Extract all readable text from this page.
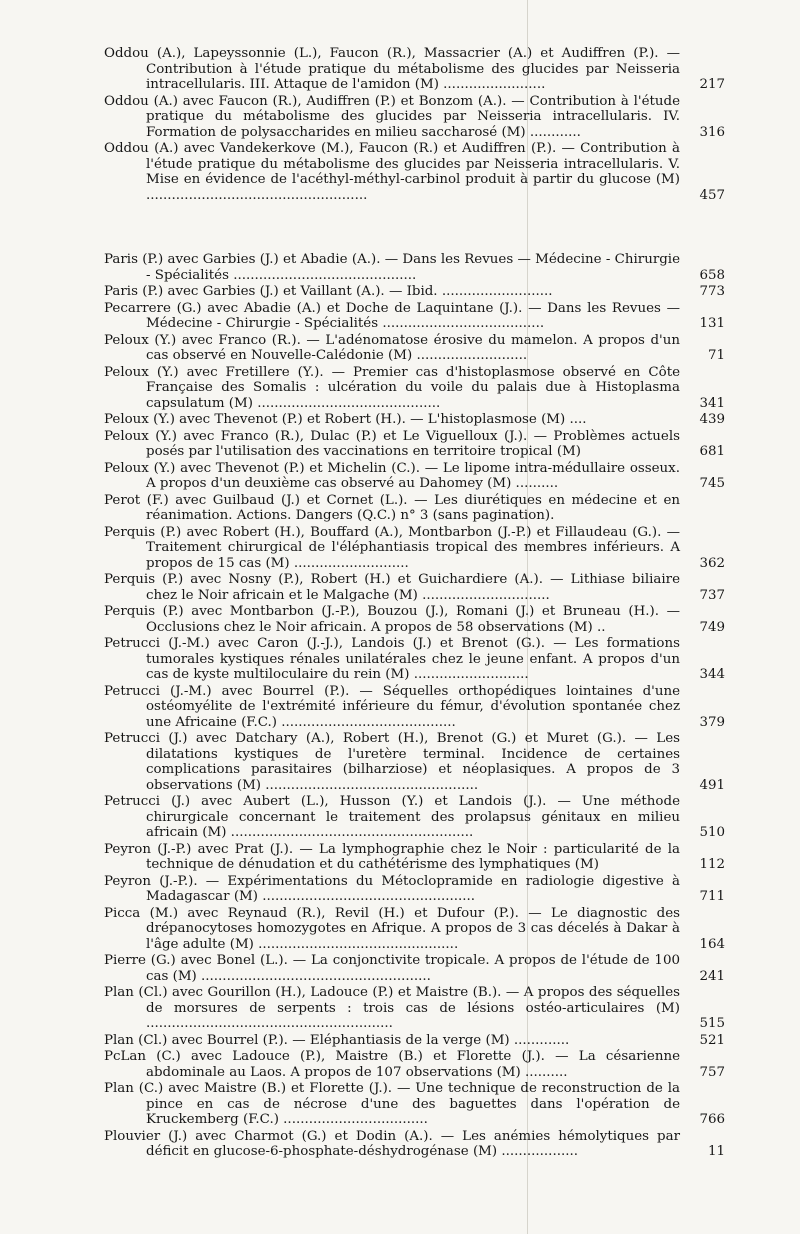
Oddou (A.), Lapeyssonnie (L.), Faucon (R.), Massacrier (A.) et Audiffren (P.). — Contribution à l'étude pratique du métabolisme des glucides par Neisseria intracellularis. III. Attaque de l'amidon (M) ........................	217
Oddou (A.) avec Faucon (R.), Audiffren (P.) et Bonzom (A.). — Contribution à l'étude pratique du métabolisme des glucides par Neisseria intracellularis. IV. Formation de polysaccharides en milieu saccharosé (M) ............	316
Oddou (A.) avec Vandekerkove (M.), Faucon (R.) et Audiffren (P.). — Contribution à l'étude pratique du métabolisme des glucides par Neisseria intracellularis. V. Mise en évidence de l'acéthyl-méthyl-carbinol produit à partir du glucose (M) ....................................................	457
Paris (P.) avec Garbies (J.) et Abadie (A.). — Dans les Revues — Médecine - Chirurgie - Spécialités ...........................................	658
Paris (P.) avec Garbies (J.) et Vaillant (A.). — Ibid. ..........................	773
Pecarrere (G.) avec Abadie (A.) et Doche de Laquintane (J.). — Dans les Revues — Médecine - Chirurgie - Spécialités ......................................	131
Peloux (Y.) avec Franco (R.). — L'adénomatose érosive du mamelon. A propos d'un cas observé en Nouvelle-Calédonie (M) ..........................	71
Peloux (Y.) avec Fretillere (Y.). — Premier cas d'histoplasmose observé en Côte Française des Somalis : ulcération du voile du palais due à Histoplasma capsulatum (M) ...........................................	341
Peloux (Y.) avec Thevenot (P.) et Robert (H.). — L'histoplasmose (M) ....	439
Peloux (Y.) avec Franco (R.), Dulac (P.) et Le Viguelloux (J.). — Problèmes actuels posés par l'utilisation des vaccinations en territoire tropical (M)	681
Peloux (Y.) avec Thevenot (P.) et Michelin (C.). — Le lipome intra-médullaire osseux. A propos d'un deuxième cas observé au Dahomey (M) ..........	745
Perot (F.) avec Guilbaud (J.) et Cornet (L.). — Les diurétiques en médecine et en réanimation. Actions. Dangers (Q.C.) n° 3 (sans pagination).
Perquis (P.) avec Robert (H.), Bouffard (A.), Montbarbon (J.-P.) et Fillaudeau (G.). — Traitement chirurgical de l'éléphantiasis tropical des membres inférieurs. A propos de 15 cas (M) ...........................	362
Perquis (P.) avec Nosny (P.), Robert (H.) et Guichardiere (A.). — Lithiase biliaire chez le Noir africain et le Malgache (M) ..............................	737
Perquis (P.) avec Montbarbon (J.-P.), Bouzou (J.), Romani (J.) et Bruneau (H.). — Occlusions chez le Noir africain. A propos de 58 observations (M) ..	749
Petrucci (J.-M.) avec Caron (J.-J.), Landois (J.) et Brenot (G.). — Les formations tumorales kystiques rénales unilatérales chez le jeune enfant. A propos d'un cas de kyste multiloculaire du rein (M) ...........................	344
Petrucci (J.-M.) avec Bourrel (P.). — Séquelles orthopédiques lointaines d'une ostéomyélite de l'extrémité inférieure du fémur, d'évolution spontanée chez une Africaine (F.C.) .........................................	379
Petrucci (J.) avec Datchary (A.), Robert (H.), Brenot (G.) et Muret (G.). — Les dilatations kystiques de l'uretère terminal. Incidence de certaines complications parasitaires (bilharziose) et néoplasiques. A propos de 3 observations (M) ..................................................	491
Petrucci (J.) avec Aubert (L.), Husson (Y.) et Landois (J.). — Une méthode chirurgicale concernant le traitement des prolapsus génitaux en milieu africain (M) .........................................................	510
Peyron (J.-P.) avec Prat (J.). — La lymphographie chez le Noir : particularité de la technique de dénudation et du cathétérisme des lymphatiques (M)	112
Peyron (J.-P.). — Expérimentations du Métoclopramide en radiologie digestive à Madagascar (M) ..................................................	711
Picca (M.) avec Reynaud (R.), Revil (H.) et Dufour (P.). — Le diagnostic des drépanocytoses homozygotes en Afrique. A propos de 3 cas décelés à Dakar à l'âge adulte (M) ...............................................	164
Pierre (G.) avec Bonel (L.). — La conjonctivite tropicale. A propos de l'étude de 100 cas (M) ......................................................	241
Plan (Cl.) avec Gourillon (H.), Ladouce (P.) et Maistre (B.). — A propos des séquelles de morsures de serpents : trois cas de lésions ostéo-articulaires (M) ..........................................................	515
Plan (Cl.) avec Bourrel (P.). — Eléphantiasis de la verge (M) .............	521
PcLan (C.) avec Ladouce (P.), Maistre (B.) et Florette (J.). — La césarienne abdominale au Laos. A propos de 107 observations (M) ..........	757
Plan (C.) avec Maistre (B.) et Florette (J.). — Une technique de reconstruction de la pince en cas de nécrose d'une des baguettes dans l'opération de Kruckemberg (F.C.) ..................................	766
Plouvier (J.) avec Charmot (G.) et Dodin (A.). — Les anémies hémolytiques par déficit en glucose-6-phosphate-déshydrogénase (M) ..................	11
